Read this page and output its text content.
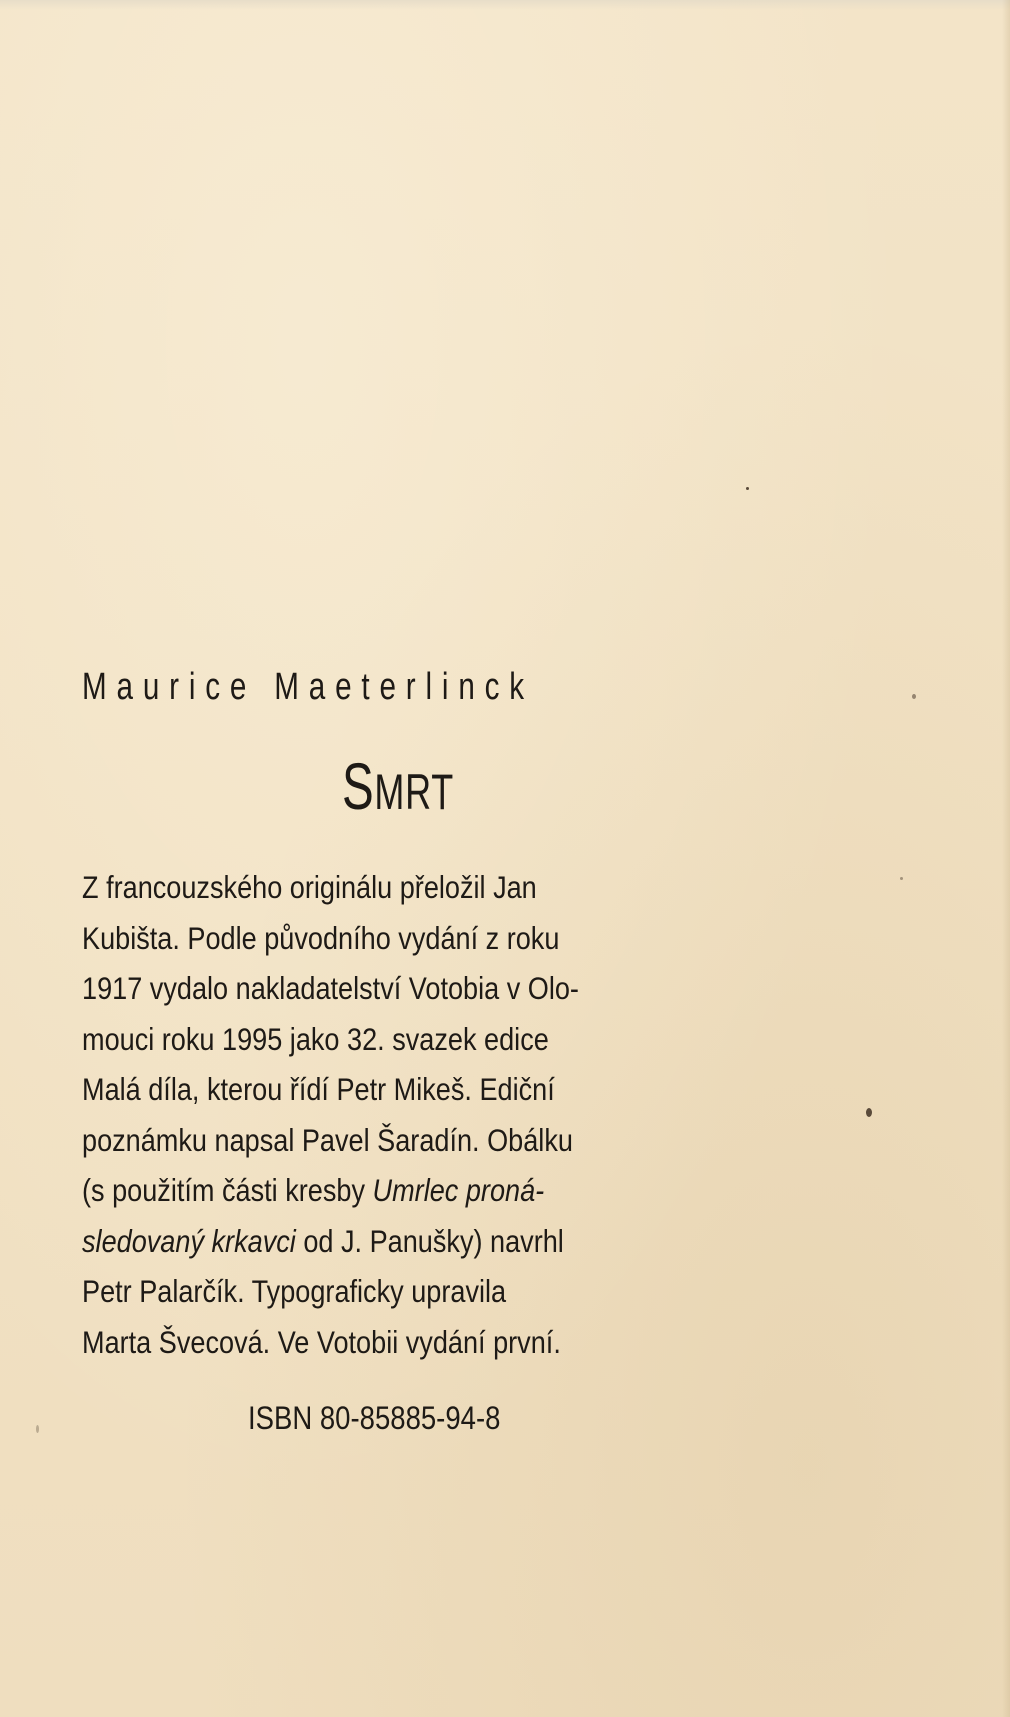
Maurice Maeterlinck
SMRT
Z francouzského originálu přeložil Jan
Kubišta. Podle původního vydání z roku
1917 vydalo nakladatelství Votobia v Olo-
mouci roku 1995 jako 32. svazek edice
Malá díla, kterou řídí Petr Mikeš. Ediční
poznámku napsal Pavel Šaradín. Obálku
(s použitím části kresby Umrlec proná-
sledovaný krkavci od J. Panušky) navrhl
Petr Palarčík. Typograficky upravila
Marta Švecová. Ve Votobii vydání první.
ISBN 80-85885-94-8
